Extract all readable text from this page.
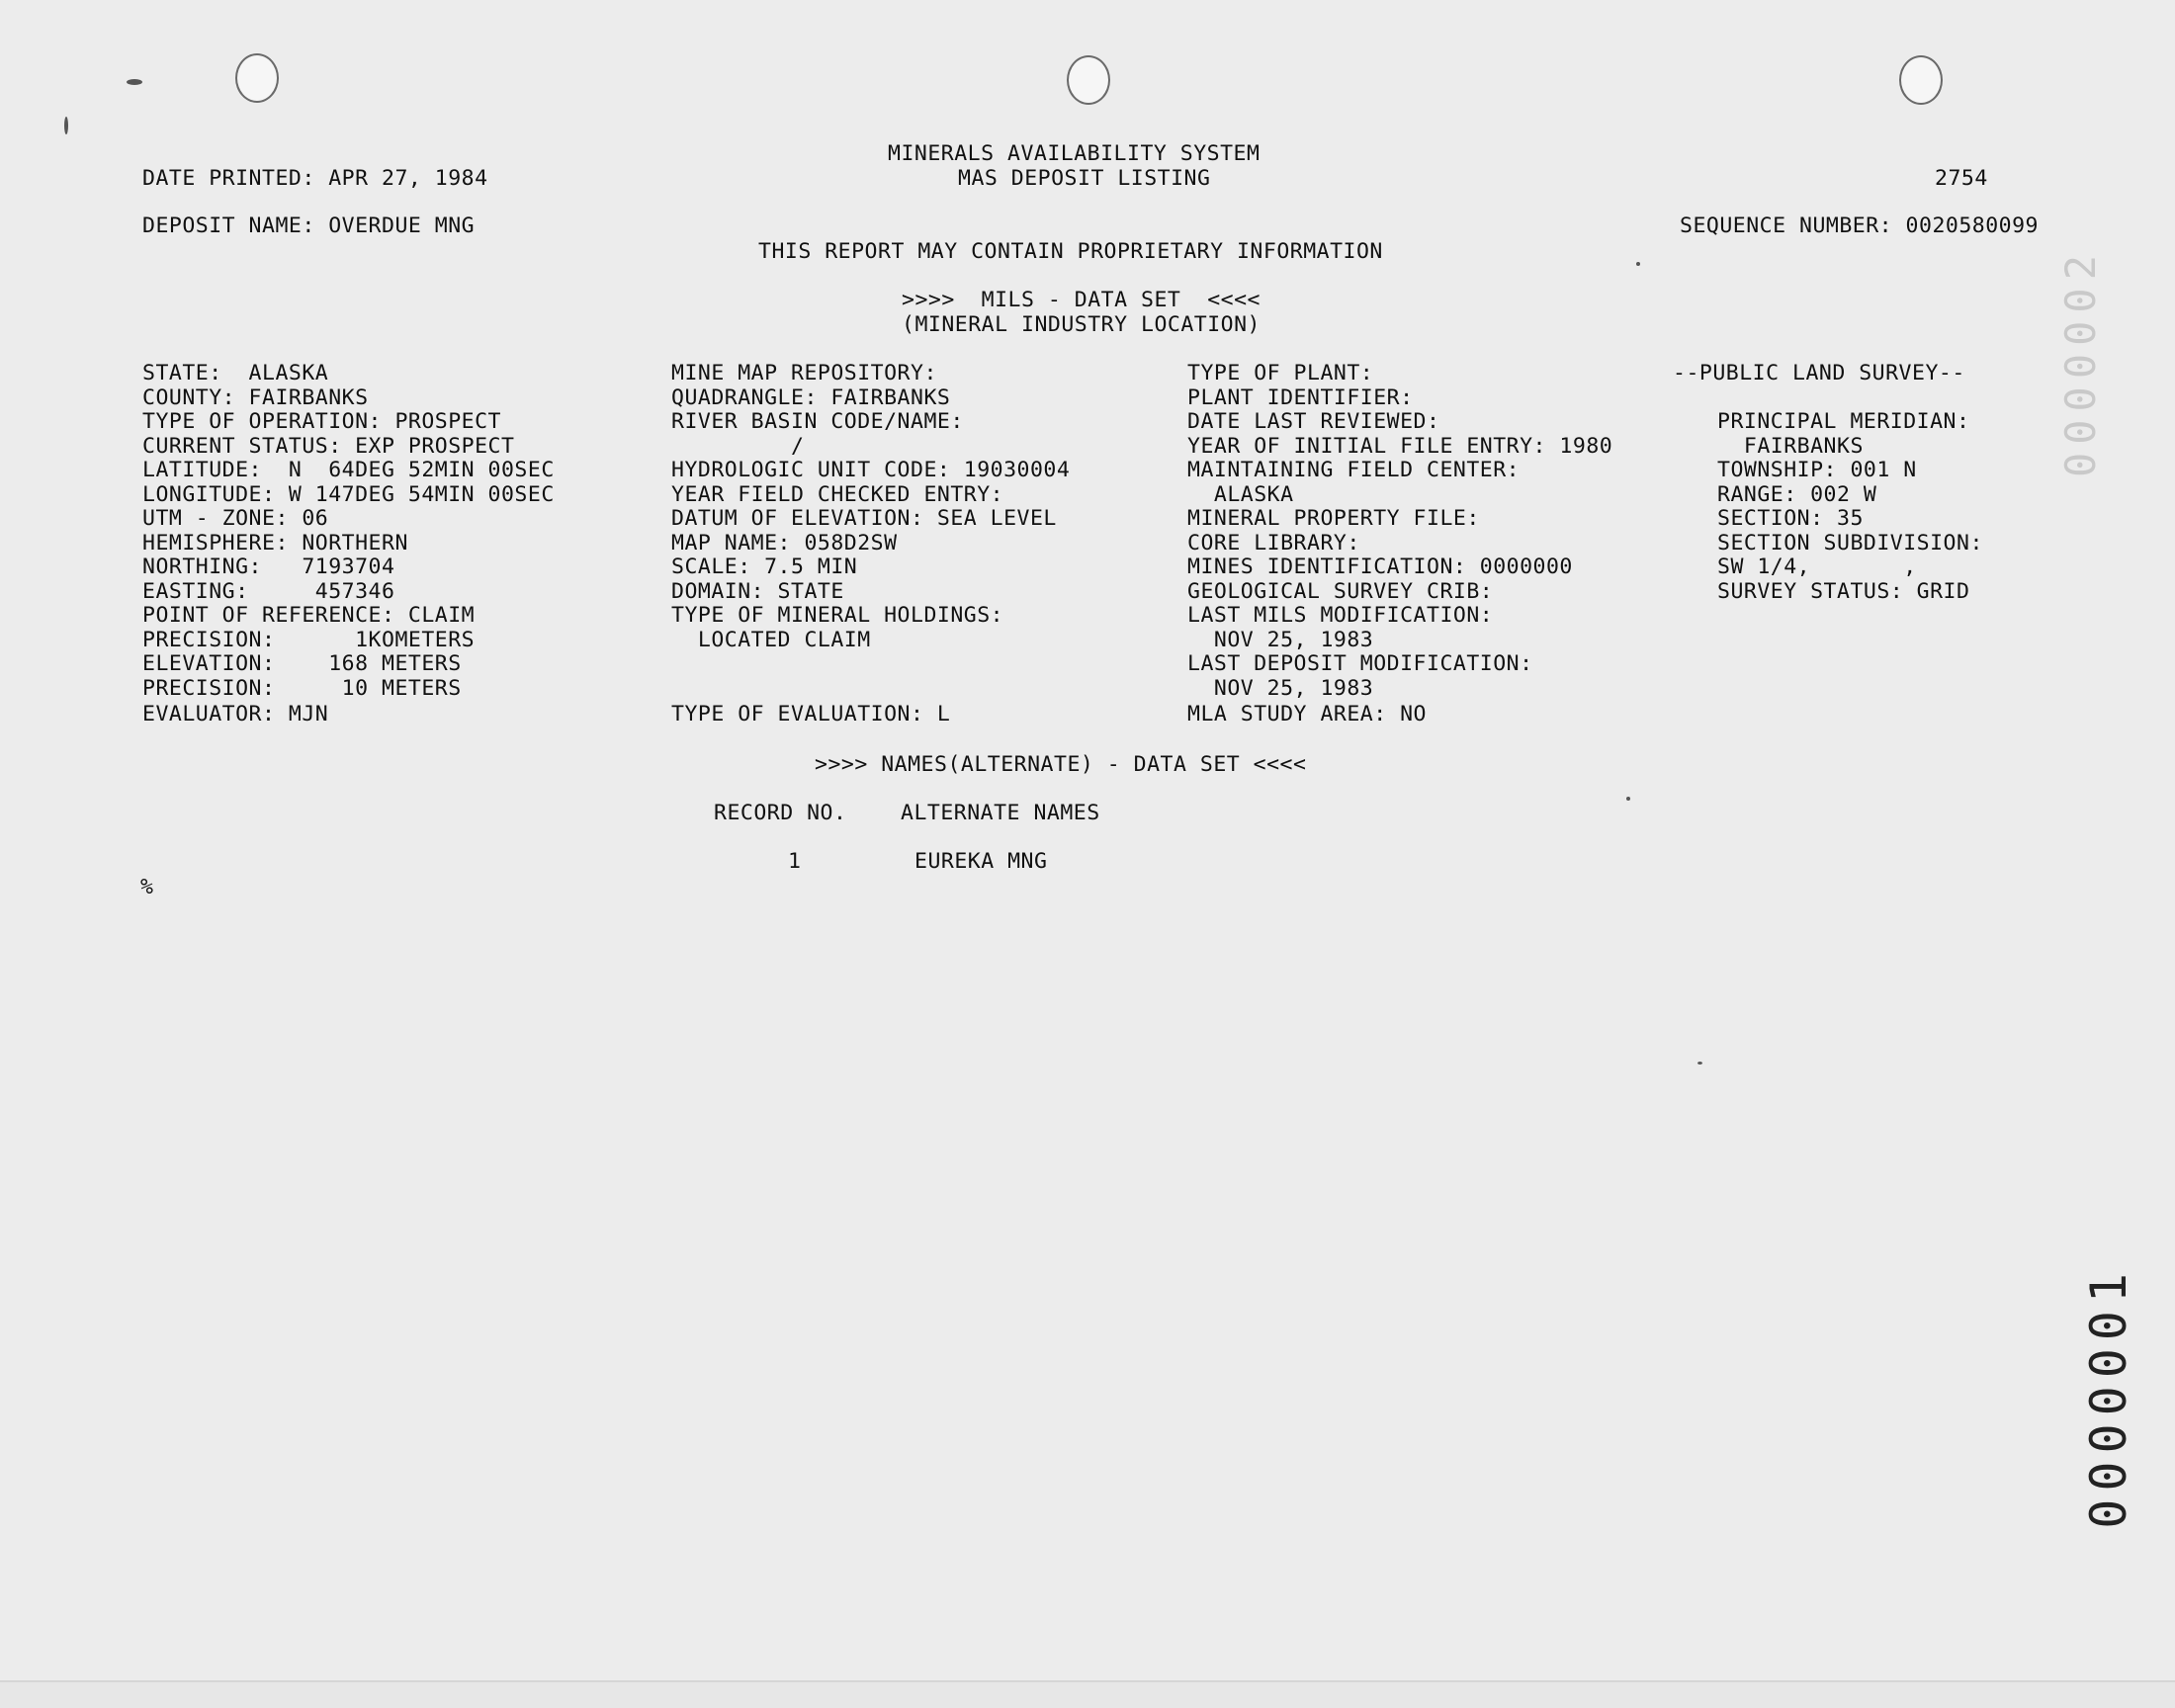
MINERALS AVAILABILITY SYSTEM

MAS DEPOSIT LISTING

DATE PRINTED: APR 27, 1984	2754

DEPOSIT NAME: OVERDUE MNG	SEQUENCE NUMBER: 0020580099

THIS REPORT MAY CONTAIN PROPRIETARY INFORMATION

>>>>  MILS - DATA SET  <<<<

(MINERAL INDUSTRY LOCATION)

STATE:  ALASKA

COUNTY: FAIRBANKS

TYPE OF OPERATION: PROSPECT

CURRENT STATUS: EXP PROSPECT

LATITUDE:  N  64DEG 52MIN 00SEC

LONGITUDE: W 147DEG 54MIN 00SEC

UTM - ZONE: 06

HEMISPHERE: NORTHERN

NORTHING:   7193704

EASTING:     457346

POINT OF REFERENCE: CLAIM

PRECISION:      1KOMETERS

ELEVATION:    168 METERS

PRECISION:     10 METERS

EVALUATOR: MJN

MINE MAP REPOSITORY:

QUADRANGLE: FAIRBANKS

RIVER BASIN CODE/NAME:

/

HYDROLOGIC UNIT CODE: 19030004

YEAR FIELD CHECKED ENTRY:

DATUM OF ELEVATION: SEA LEVEL

MAP NAME: 058D2SW

SCALE: 7.5 MIN

DOMAIN: STATE

TYPE OF MINERAL HOLDINGS:

LOCATED CLAIM

TYPE OF EVALUATION: L

TYPE OF PLANT:

PLANT IDENTIFIER:

DATE LAST REVIEWED:

YEAR OF INITIAL FILE ENTRY: 1980

MAINTAINING FIELD CENTER:

ALASKA

MINERAL PROPERTY FILE:

CORE LIBRARY:

MINES IDENTIFICATION: 0000000

GEOLOGICAL SURVEY CRIB:

LAST MILS MODIFICATION:

NOV 25, 1983

LAST DEPOSIT MODIFICATION:

NOV 25, 1983

MLA STUDY AREA: NO

--PUBLIC LAND SURVEY--

PRINCIPAL MERIDIAN:

FAIRBANKS

TOWNSHIP: 001 N

RANGE: 002 W

SECTION: 35

SECTION SUBDIVISION:

SW 1/4,       ,

SURVEY STATUS: GRID

>>>> NAMES(ALTERNATE) - DATA SET <<<<

RECORD NO.	ALTERNATE NAMES

1	EUREKA MNG

%

0000002
0000001
